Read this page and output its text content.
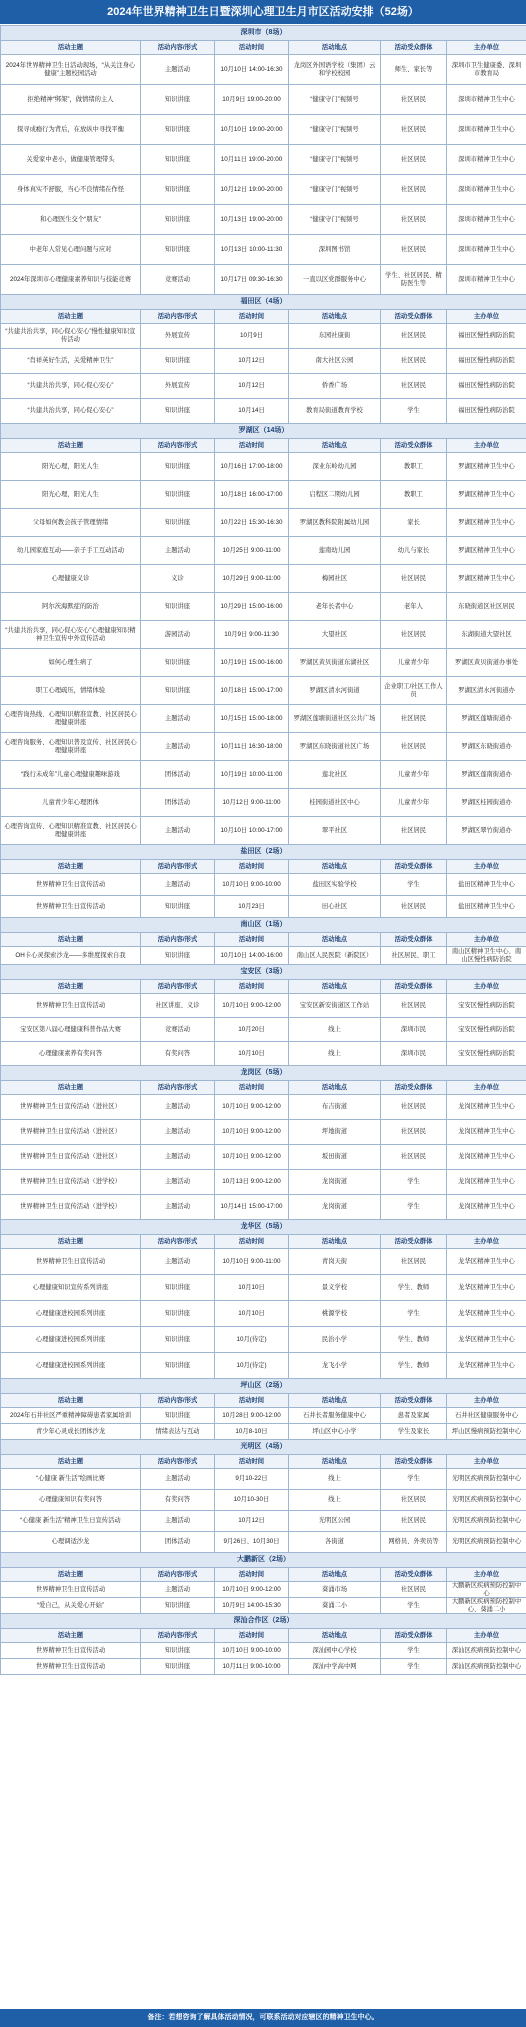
2024年世界精神卫生日暨深圳心理卫生月市区活动安排（52场）
深圳市（8场）					
活动主题	活动内容/形式	活动时间	活动地点	活动受众群体	主办单位
2024年世界精神卫生日活动现场，“从关注身心健康”主题校园活动	主题活动	10月10日 14:00-16:30	龙岗区外国语学校（集团）云和学校校园	师生、家长等	深圳市卫生健康委、深圳市教育局
拒绝精神“绑架”，做情绪的主人	知识讲座	10月9日 19:00-20:00	“健康守门”视频号	社区居民	深圳市精神卫生中心
探寻成瘾行为背后，在放纵中寻找平衡	知识讲座	10月10日 19:00-20:00	“健康守门”视频号	社区居民	深圳市精神卫生中心
关爱家中老小，做健康管理带头	知识讲座	10月11日 19:00-20:00	“健康守门”视频号	社区居民	深圳市精神卫生中心
身体真实不舒服，当心不良情绪在作怪	知识讲座	10月12日 19:00-20:00	“健康守门”视频号	社区居民	深圳市精神卫生中心
和心理医生交个“朋友”	知识讲座	10月13日 19:00-20:00	“健康守门”视频号	社区居民	深圳市精神卫生中心
中老年人常见心理问题与应对	知识讲座	10月13日 10:00-11:30	深圳图书馆	社区居民	深圳市精神卫生中心
2024年深圳市心理健康素养知识与技能竞赛	竞赛活动	10月17日 09:30-16:30	一直以区党群服务中心	学生、社区居民、精防医生等	深圳市精神卫生中心
福田区（4场）					
活动主题	活动内容/形式	活动时间	活动地点	活动受众群体	主办单位
“共建共治共享，同心促心安心”慢性健康知识宣传活动	外展宣传	10月9日	东园社康街	社区居民	福田区慢性病防治院
“肖祥英好生活，关爱精神卫生”	知识讲座	10月12日	南大社区公园	社区居民	福田区慢性病防治院
“共建共治共享，同心促心安心”	外展宣传	10月12日	侨香广场	社区居民	福田区慢性病防治院
“共建共治共享，同心促心安心”	知识讲座	10月14日	教育局街道教育学校	学生	福田区慢性病防治院
罗湖区（14场）					
活动主题	活动内容/形式	活动时间	活动地点	活动受众群体	主办单位
阳光心理，阳光人生	知识讲座	10月16日 17:00-18:00	深业东岭幼儿园	教职工	罗湖区精神卫生中心
阳光心理，阳光人生	知识讲座	10月18日 16:00-17:00	启程区二期幼儿园	教职工	罗湖区精神卫生中心
父母如何教会孩子管理情绪	知识讲座	10月22日 15:30-16:30	罗湖区教科院附属幼儿园	家长	罗湖区精神卫生中心
幼儿园家庭互动——亲子手工互动活动	主题活动	10月25日 9:00-11:00	莲南幼儿园	幼儿与家长	罗湖区精神卫生中心
心理健康义诊	义诊	10月29日 9:00-11:00	梅园社区	社区居民	罗湖区精神卫生中心
阿尔茨海默症的防治	知识讲座	10月29日 15:00-16:00	老年长者中心	老年人	东晓街道区社区居民
“共建共治共享，同心促心安心”心理健康知识精神卫生宣传中外宣传活动	游园活动	10月9日 9:00-11:30	大望社区	社区居民	东湖街道大望社区
如何心理生病了	知识讲座	10月19日 15:00-16:00	罗湖区黄贝街道东湖社区	儿童青少年	罗湖区黄贝街道办事处
职工心理疏压，情绪体验	知识讲座	10月18日 15:00-17:00	罗湖区清水河街道	企业职工/社区工作人员	罗湖区清水河街道办
心理咨询热线、心理知识精准宣教、社区居民心理健康讲座	主题活动	10月15日 15:00-18:00	罗湖区莲塘街道社区公共广场	社区居民	罗湖区莲塘街道办
心理咨询服务、心理知识普及宣传、社区居民心理健康讲座	主题活动	10月11日 16:30-18:00	罗湖区东晓街道社区广场	社区居民	罗湖区东晓街道办
“践行未成年”儿童心理健康趣味游戏	团体活动	10月19日 10:00-11:00	莲北社区	儿童青少年	罗湖区莲南街道办
儿童青少年心理团体	团体活动	10月12日 9:00-11:00	桂园街道社区中心	儿童青少年	罗湖区桂园街道办
心理咨询宣传、心理知识精准宣教、社区居民心理健康讲座	主题活动	10月10日 10:00-17:00	翠平社区	社区居民	罗湖区翠竹街道办
盐田区（2场）					
活动主题	活动内容/形式	活动时间	活动地点	活动受众群体	主办单位
世界精神卫生日宣传活动	主题活动	10月10日 9:00-10:00	盐田区实验学校	学生	盐田区精神卫生中心
世界精神卫生日宣传活动	知识讲座	10月23日	田心社区	社区居民	盐田区精神卫生中心
南山区（1场）					
活动主题	活动内容/形式	活动时间	活动地点	活动受众群体	主办单位
OH卡心灵探索沙龙——多维度探索自我	知识讲座	10月10日 14:00-16:00	南山区人民医院（新院区）	社区居民、职工	南山区精神卫生中心、南山区慢性病防治院
宝安区（3场）					
活动主题	活动内容/形式	活动时间	活动地点	活动受众群体	主办单位
世界精神卫生日宣传活动	社区讲座、义诊	10月10日 9:00-12:00	宝安区新安街道区工作站	社区居民	宝安区慢性病防治院
宝安区第八届心理健康科普作品大赛	竞赛活动	10月20日	线上	深圳市民	宝安区慢性病防治院
心理健康素养有奖问答	有奖问答	10月10日	线上	深圳市民	宝安区慢性病防治院
龙岗区（5场）					
活动主题	活动内容/形式	活动时间	活动地点	活动受众群体	主办单位
世界精神卫生日宣传活动（进社区）	主题活动	10月10日 9:00-12:00	布吉街道	社区居民	龙岗区精神卫生中心
世界精神卫生日宣传活动（进社区）	主题活动	10月10日 9:00-12:00	坪地街道	社区居民	龙岗区精神卫生中心
世界精神卫生日宣传活动（进社区）	主题活动	10月10日 9:00-12:00	坂田街道	社区居民	龙岗区精神卫生中心
世界精神卫生日宣传活动（进学校）	主题活动	10月13日 9:00-12:00	龙岗街道	学生	龙岗区精神卫生中心
世界精神卫生日宣传活动（进学校）	主题活动	10月14日 15:00-17:00	龙岗街道	学生	龙岗区精神卫生中心
龙华区（5场）					
活动主题	活动内容/形式	活动时间	活动地点	活动受众群体	主办单位
世界精神卫生日宣传活动	主题活动	10月10日 9:00-11:00	青岗天街	社区居民	龙华区精神卫生中心
心理健康知识宣传系列讲座	知识讲座	10月10日	景义学校	学生、教师	龙华区精神卫生中心
心理健康进校园系列讲座	知识讲座	10月10日	桃源学校	学生	龙华区精神卫生中心
心理健康进校园系列讲座	知识讲座	10月(待定)	民治小学	学生、教师	龙华区精神卫生中心
心理健康进校园系列讲座	知识讲座	10月(待定)	龙飞小学	学生、教师	龙华区精神卫生中心
坪山区（2场）					
活动主题	活动内容/形式	活动时间	活动地点	活动受众群体	主办单位
2024年石井社区严重精神障碍患者家属培训	知识讲座	10月28日 9:00-12:00	石井长者服务健康中心	患者及家属	石井社区健康服务中心
青少年心灵成长团体沙龙	情绪表达与互动	10月8-10日	坪山区中心小学	学生及家长	坪山区慢病预防控制中心
光明区（4场）					
活动主题	活动内容/形式	活动时间	活动地点	活动受众群体	主办单位
“心健康 新生活”绘画比赛	主题活动	9月10-22日	线上	学生	光明区疾病预防控制中心
心理健康知识有奖问答	有奖问答	10月10-30日	线上	社区居民	光明区疾病预防控制中心
“心健康 新生活”精神卫生日宣传活动	主题活动	10月12日	光明区公园	社区居民	光明区疾病预防控制中心
心理调适沙龙	团体活动	9月26日、10月30日	各街道	网格员、外卖员等	光明区疾病预防控制中心
大鹏新区（2场）					
活动主题	活动内容/形式	活动时间	活动地点	活动受众群体	主办单位
世界精神卫生日宣传活动	主题活动	10月10日 9:00-12:00	葵涌市场	社区居民	大鹏新区疾病预防控制中心
“爱自己，从关爱心开始”	知识讲座	10月9日 14:00-15:30	葵涌二小	学生	大鹏新区疾病预防控制中心、葵涌二小
深汕合作区（2场）					
活动主题	活动内容/形式	活动时间	活动地点	活动受众群体	主办单位
世界精神卫生日宣传活动	知识讲座	10月10日 9:00-10:00	深汕园中心学校	学生	深汕区疾病预防控制中心
世界精神卫生日宣传活动	知识讲座	10月11日 9:00-10:00	深汕中学高中网	学生	深汕区疾病预防控制中心
备注：若想咨询了解具体活动情况，可联系活动对应辖区的精神卫生中心。
